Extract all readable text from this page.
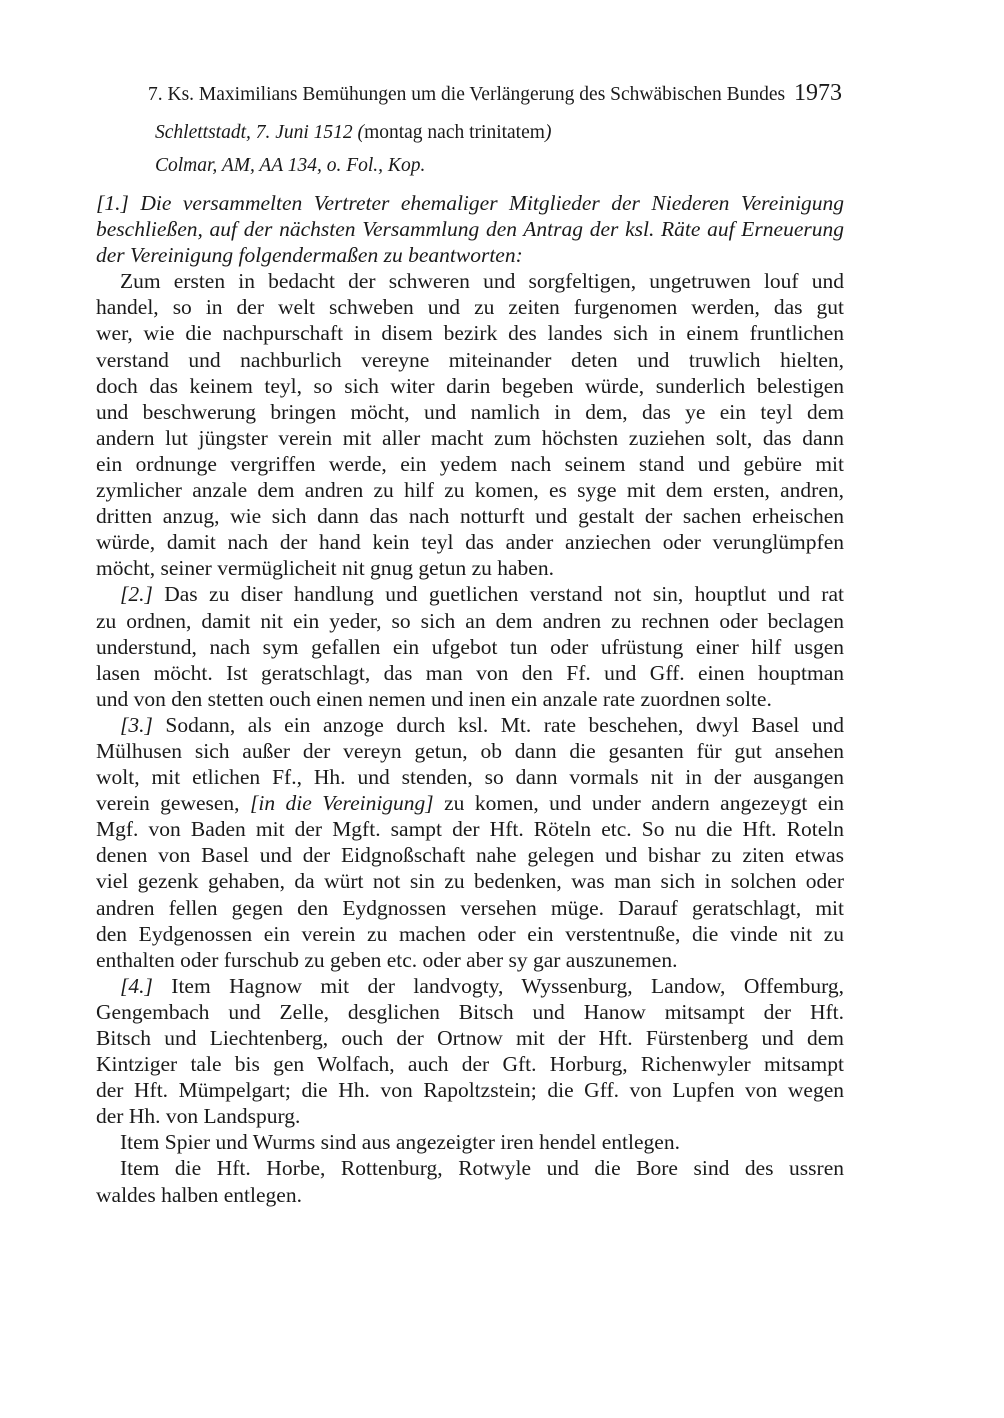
7. Ks. Maximilians Bemühungen um die Verlängerung des Schwäbischen Bundes 1973
Schlettstadt, 7. Juni 1512 (montag nach trinitatem)
Colmar, AM, AA 134, o. Fol., Kop.

[1.] Die versammelten Vertreter ehemaliger Mitglieder der Niederen Vereinigung
beschließen, auf der nächsten Versammlung den Antrag der ksl. Räte auf Erneuerung
der Vereinigung folgendermaßen zu beantworten:

Zum ersten in bedacht der schweren und sorgfeltigen, ungetruwen louf und
handel, so in der welt schweben und zu zeiten furgenomen werden, das gut
wer, wie die nachpurschaft in disem bezirk des landes sich in einem fruntlichen
verstand und nachburlich vereyne miteinander deten und truwlich hielten,
doch das keinem teyl, so sich witer darin begeben würde, sunderlich belestigen
und beschwerung bringen möcht, und namlich in dem, das ye ein teyl dem
andern lut jüngster verein mit aller macht zum höchsten zuziehen solt, das dann
ein ordnunge vergriffen werde, ein yedem nach seinem stand und gebüre mit
zymlicher anzale dem andren zu hilf zu komen, es syge mit dem ersten, andren,
dritten anzug, wie sich dann das nach notturft und gestalt der sachen erheischen
würde, damit nach der hand kein teyl das ander anziechen oder verunglümpfen
möcht, seiner vermüglicheit nit gnug getun zu haben.

[2.] Das zu diser handlung und guetlichen verstand not sin, houptlut und rat
zu ordnen, damit nit ein yeder, so sich an dem andren zu rechnen oder beclagen
understund, nach sym gefallen ein ufgebot tun oder ufrüstung einer hilf usgen
lasen möcht. Ist geratschlagt, das man von den Ff. und Gff. einen houptman
und von den stetten ouch einen nemen und inen ein anzale rate zuordnen solte.

[3.] Sodann, als ein anzoge durch ksl. Mt. rate beschehen, dwyl Basel und
Mülhusen sich außer der vereyn getun, ob dann die gesanten für gut ansehen
wolt, mit etlichen Ff., Hh. und stenden, so dann vormals nit in der ausgangen
verein gewesen, [in die Vereinigung] zu komen, und under andern angezeygt ein
Mgf. von Baden mit der Mgft. sampt der Hft. Röteln etc. So nu die Hft. Roteln
denen von Basel und der Eidgnoßschaft nahe gelegen und bishar zu ziten etwas
viel gezenk gehaben, da würt not sin zu bedenken, was man sich in solchen oder
andren fellen gegen den Eydgnossen versehen müge. Darauf geratschlagt, mit
den Eydgenossen ein verein zu machen oder ein verstentnuße, die vinde nit zu
enthalten oder furschub zu geben etc. oder aber sy gar auszunemen.

[4.] Item Hagnow mit der landvogty, Wyssenburg, Landow, Offemburg,
Gengembach und Zelle, desglichen Bitsch und Hanow mitsampt der Hft.
Bitsch und Liechtenberg, ouch der Ortnow mit der Hft. Fürstenberg und dem
Kintziger tale bis gen Wolfach, auch der Gft. Horburg, Richenwyler mitsampt
der Hft. Mümpelgart; die Hh. von Rapoltzstein; die Gff. von Lupfen von wegen
der Hh. von Landspurg.

Item Spier und Wurms sind aus angezeigter iren hendel entlegen.

Item die Hft. Horbe, Rottenburg, Rotwyle und die Bore sind des ussren
waldes halben entlegen.
